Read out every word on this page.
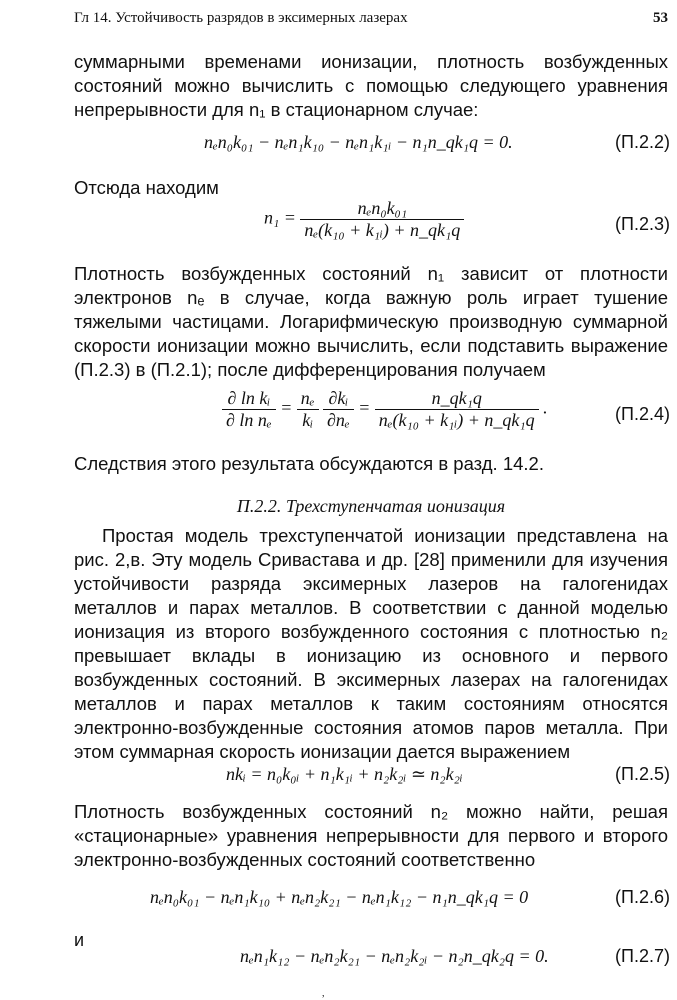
Гл 14. Устойчивость разрядов в эксимерных лазерах	53
суммарными временами ионизации, плотность возбужденных состояний можно вычислить с помощью следующего уравнения непрерывности для n₁ в стационарном случае:
nₑn₀k₀₁ − nₑn₁k₁₀ − nₑn₁k₁ᵢ − n₁n_qk₁q = 0.	(П.2.2)
Отсюда находим
$n_1 = \frac{\text{nₑn₀k₀₁}}{\text{nₑ(k₁₀ + k₁ᵢ) + n\_qk₁q}}$	(П.2.3)
Плотность возбужденных состояний n₁ зависит от плотности электронов nₑ в случае, когда важную роль играет тушение тяжелыми частицами. Логарифмическую производную суммарной скорости ионизации можно вычислить, если подставить выражение (П.2.3) в (П.2.1); после дифференцирования получаем
$\frac{\text{∂ ln kᵢ}}{\text{∂ ln nₑ}} = \frac{\text{nₑ}}{\text{kᵢ}}$
$\frac{\text{∂kᵢ}}{\text{∂nₑ}} = \frac{\text{n\_qk₁q}}{\text{nₑ(k₁₀ + k₁ᵢ) + n\_qk₁q}}$ .	(П.2.4)
Следствия этого результата обсуждаются в разд. 14.2.
П.2.2. Трехступенчатая ионизация
Простая модель трехступенчатой ионизации представлена на рис. 2,в. Эту модель Сривастава и др. [28] применили для изучения устойчивости разряда эксимерных лазеров на галогенидах металлов и парах металлов. В соответствии с данной моделью ионизация из второго возбужденного состояния с плотностью n₂ превышает вклады в ионизацию из основного и первого возбужденных состояний. В эксимерных лазерах на галогенидах металлов и парах металлов к таким состояниям относятся электронно-возбужденные состояния атомов паров металла. При этом суммарная скорость ионизации дается выражением
nkᵢ = n₀k₀ᵢ + n₁k₁ᵢ + n₂k₂ᵢ ≃ n₂k₂ᵢ	(П.2.5)
Плотность возбужденных состояний n₂ можно найти, решая «стационарные» уравнения непрерывности для первого и второго электронно-возбужденных состояний соответственно
nₑn₀k₀₁ − nₑn₁k₁₀ + nₑn₂k₂₁ − nₑn₁k₁₂ − n₁n_qk₁q = 0	(П.2.6)
и
nₑn₁k₁₂ − nₑn₂k₂₁ − nₑn₂k₂ᵢ − n₂n_qk₂q = 0.	(П.2.7)
,
